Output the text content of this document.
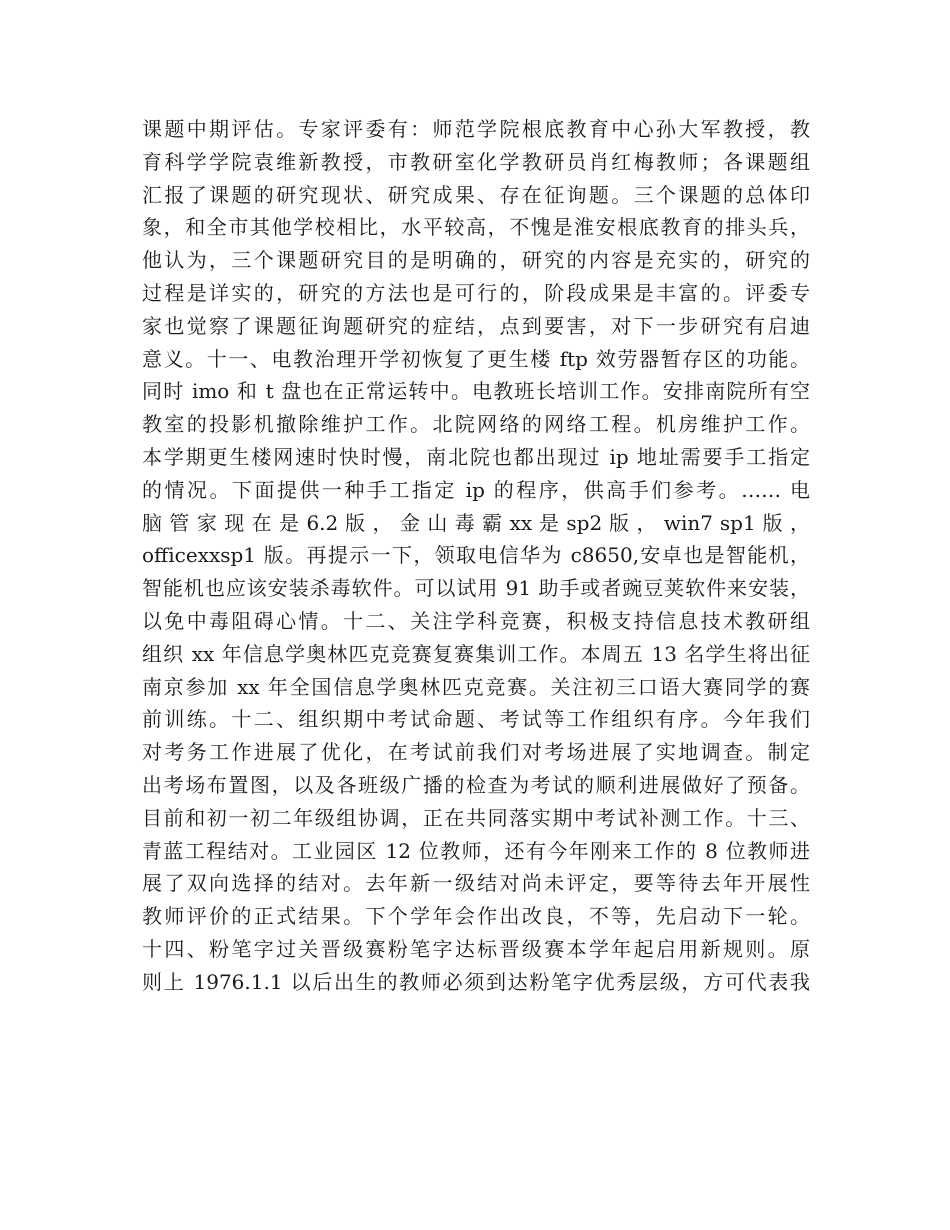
课题中期评估。专家评委有：师范学院根底教育中心孙大军教授，教
育科学学院袁维新教授，市教研室化学教研员肖红梅教师；各课题组
汇报了课题的研究现状、研究成果、存在征询题。三个课题的总体印
象，和全市其他学校相比，水平较高，不愧是淮安根底教育的排头兵，
他认为，三个课题研究目的是明确的，研究的内容是充实的，研究的
过程是详实的，研究的方法也是可行的，阶段成果是丰富的。评委专
家也觉察了课题征询题研究的症结，点到要害，对下一步研究有启迪
意义。十一、电教治理开学初恢复了更生楼 ftp 效劳器暂存区的功能。
同时 imo 和 t 盘也在正常运转中。电教班长培训工作。安排南院所有空
教室的投影机撤除维护工作。北院网络的网络工程。机房维护工作。
本学期更生楼网速时快时慢，南北院也都出现过 ip 地址需要手工指定
的情况。下面提供一种手工指定 ip 的程序，供高手们参考。…… 电
脑 管 家 现 在 是 6.2 版 ， 金 山 毒 霸 xx 是 sp2 版 ， win7 sp1 版 ，
officexxsp1 版。再提示一下，领取电信华为 c8650,安卓也是智能机，
智能机也应该安装杀毒软件。可以试用 91 助手或者豌豆荚软件来安装，
以免中毒阻碍心情。十二、关注学科竞赛，积极支持信息技术教研组
组织 xx 年信息学奥林匹克竞赛复赛集训工作。本周五 13 名学生将出征
南京参加 xx 年全国信息学奥林匹克竞赛。关注初三口语大赛同学的赛
前训练。十二、组织期中考试命题、考试等工作组织有序。今年我们
对考务工作进展了优化，在考试前我们对考场进展了实地调查。制定
出考场布置图，以及各班级广播的检查为考试的顺利进展做好了预备。
目前和初一初二年级组协调，正在共同落实期中考试补测工作。十三、
青蓝工程结对。工业园区 12 位教师，还有今年刚来工作的 8 位教师进
展了双向选择的结对。去年新一级结对尚未评定，要等待去年开展性
教师评价的正式结果。下个学年会作出改良，不等，先启动下一轮。
十四、粉笔字过关晋级赛粉笔字达标晋级赛本学年起启用新规则。原
则上 1976.1.1 以后出生的教师必须到达粉笔字优秀层级，方可代表我
